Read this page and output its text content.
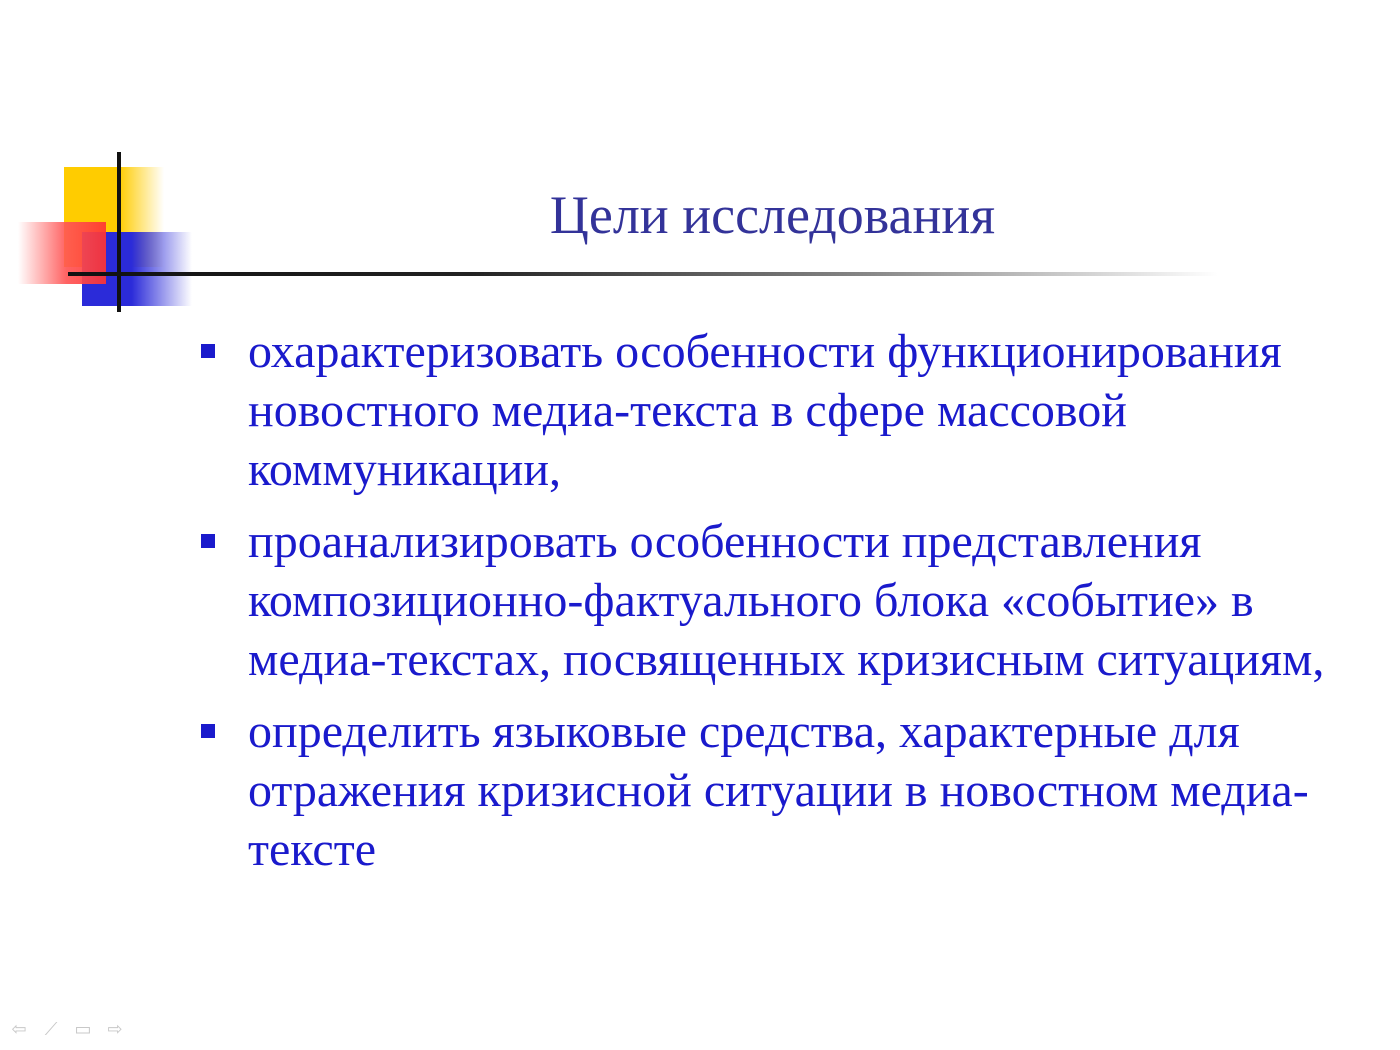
Цели исследования
охарактеризовать особенности функционирования новостного медиа-текста в сфере массовой коммуникации,
проанализировать особенности представления композиционно-фактуального блока «событие» в медиа-текстах, посвященных кризисным ситуациям,
определить языковые средства, характерные для отражения кризисной ситуации в новостном медиа-тексте
⇦ ⟋ ▭ ⇨
